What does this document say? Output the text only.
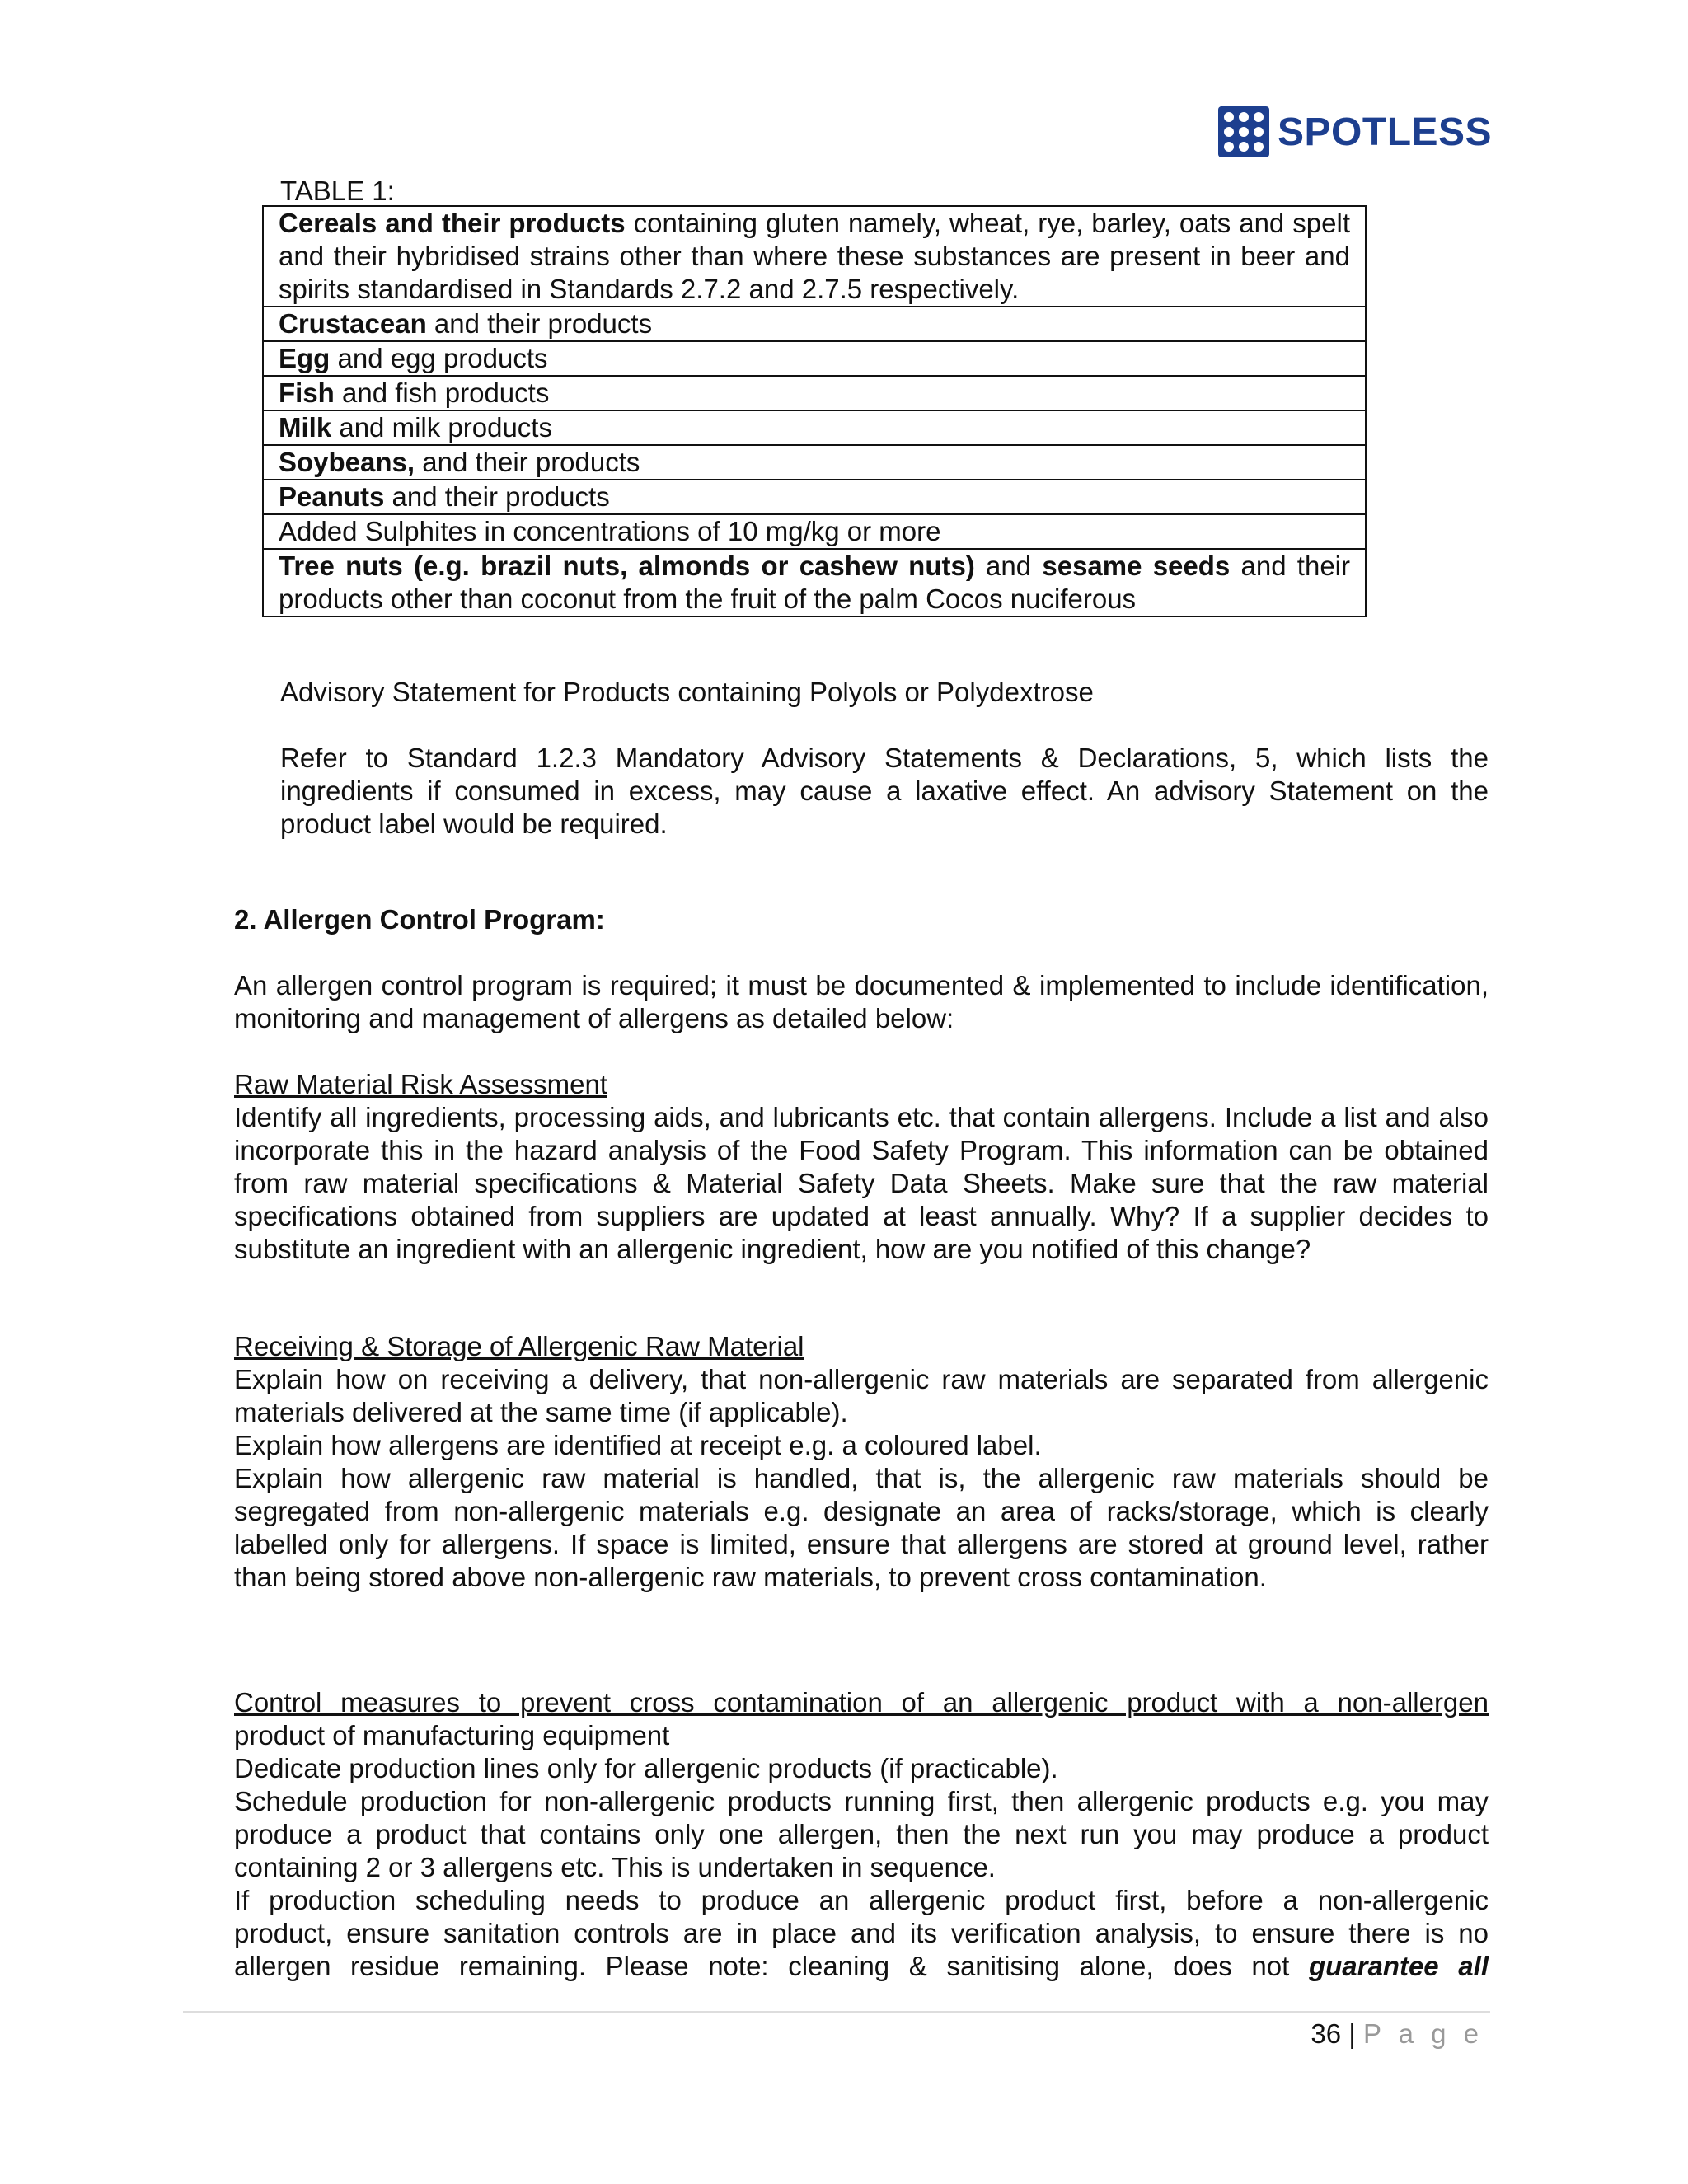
SPOTLESS
TABLE 1:
Cereals and their products containing gluten namely, wheat, rye, barley, oats and spelt and their hybridised strains other than where these substances are present in beer and spirits standardised in Standards 2.7.2 and 2.7.5 respectively.
Crustacean and their products
Egg and egg products
Fish and fish products
Milk and milk products
Soybeans, and their products
Peanuts and their products
Added Sulphites in concentrations of 10 mg/kg or more
Tree nuts (e.g. brazil nuts, almonds or cashew nuts) and sesame seeds and their products other than coconut from the fruit of the palm Cocos nuciferous
Advisory Statement for Products containing Polyols or Polydextrose
Refer to Standard 1.2.3 Mandatory Advisory Statements & Declarations, 5, which lists the ingredients if consumed in excess, may cause a laxative effect. An advisory Statement on the product label would be required.
2. Allergen Control Program:
An allergen control program is required; it must be documented & implemented to include identification, monitoring and management of allergens as detailed below:
Raw Material Risk Assessment
Identify all ingredients, processing aids, and lubricants etc. that contain allergens. Include a list and also incorporate this in the hazard analysis of the Food Safety Program. This information can be obtained from raw material specifications & Material Safety Data Sheets. Make sure that the raw material specifications obtained from suppliers are updated at least annually. Why? If a supplier decides to substitute an ingredient with an allergenic ingredient, how are you notified of this change?
Receiving & Storage of Allergenic Raw Material
Explain how on receiving a delivery, that non-allergenic raw materials are separated from allergenic materials delivered at the same time (if applicable).
Explain how allergens are identified at receipt e.g. a coloured label.
Explain how allergenic raw material is handled, that is, the allergenic raw materials should be segregated from non-allergenic materials e.g. designate an area of racks/storage, which is clearly labelled only for allergens. If space is limited, ensure that allergens are stored at ground level, rather than being stored above non-allergenic raw materials, to prevent cross contamination.
Control measures to prevent cross contamination of an allergenic product with a non-allergen
product of manufacturing equipment
Dedicate production lines only for allergenic products (if practicable).
Schedule production for non-allergenic products running first, then allergenic products e.g. you may produce a product that contains only one allergen, then the next run you may produce a product containing 2 or 3 allergens etc. This is undertaken in sequence.
If production scheduling needs to produce an allergenic product first, before a non-allergenic
product, ensure sanitation controls are in place and its verification analysis, to ensure there is no
allergen residue remaining. Please note: cleaning & sanitising alone, does not guarantee all
36 | P a g e
